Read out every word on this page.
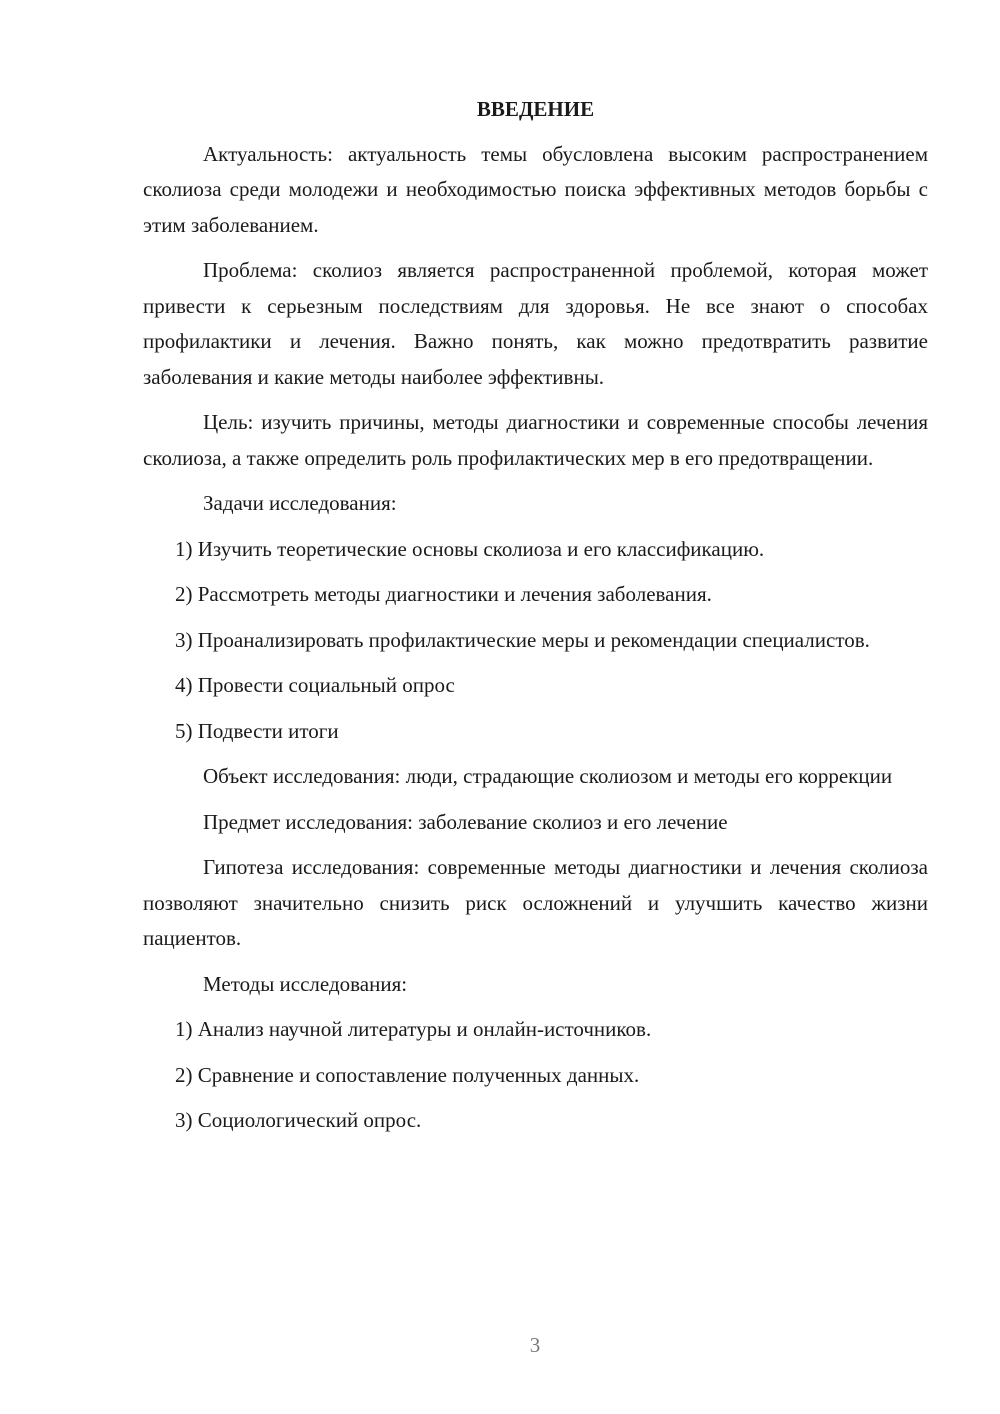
ВВЕДЕНИЕ

Актуальность: актуальность темы обусловлена высоким распространением сколиоза среди молодежи и необходимостью поиска эффективных методов борьбы с этим заболеванием.

Проблема: сколиоз является распространенной проблемой, которая может привести к серьезным последствиям для здоровья. Не все знают о способах профилактики и лечения. Важно понять, как можно предотвратить развитие заболевания и какие методы наиболее эффективны.

Цель: изучить причины, методы диагностики и современные способы лечения сколиоза, а также определить роль профилактических мер в его предотвращении.

Задачи исследования:

1) Изучить теоретические основы сколиоза и его классификацию.

2) Рассмотреть методы диагностики и лечения заболевания.

3) Проанализировать профилактические меры и рекомендации специалистов.

4) Провести социальный опрос

5) Подвести итоги

Объект исследования: люди, страдающие сколиозом и методы его коррекции

Предмет исследования: заболевание сколиоз и его лечение

Гипотеза исследования: современные методы диагностики и лечения сколиоза позволяют значительно снизить риск осложнений и улучшить качество жизни пациентов.

Методы исследования:

1) Анализ научной литературы и онлайн-источников.

2) Сравнение и сопоставление полученных данных.

3) Социологический опрос.

3
